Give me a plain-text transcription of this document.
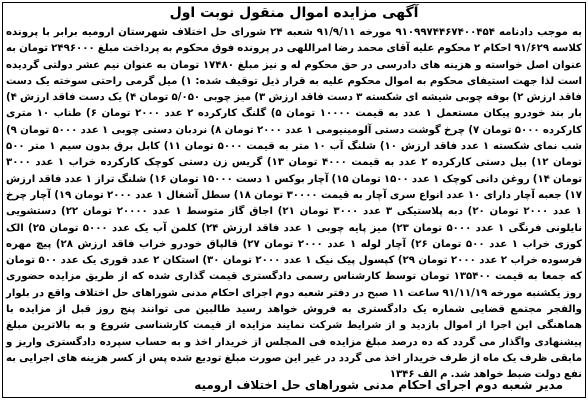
آگهی مزایده اموال منقول نوبت اول
به موجب دادنامه ۹۱۰۹۹۷۴۴۶۷۴۰۰۴۵۴ مورخه ۹۱/۹/۱۱ شعبه ۲۴ شورای حل اختلاف شهرستان ارومیه برابر با پرونده کلاسه ۹۱/۶۲۹ احکام ۲ محکوم علیه آقای محمد رضا امراللهی در پرونده فوق محکوم به پرداخت مبلغ ۲۴۹۶۰۰۰ تومان به عنوان اصل خواسته و هزینه های دادرسی در حق محکوم له و نیز مبلغ ۱۷۴۸۰ تومان به عنوان نیم عشر دولتی گردیده است لذا جهت استیفای محکوم به اموال محکوم علیه به قرار ذیل توقیف شده: ۱) میل گرمی راحتی سوخته یک دست فاقد ارزش ۲) بوفه چوبی شیشه ای شکسته ۳ دست فاقد ارزش ۳) میز چوبی ۵/۰۵۰ تومان ۴) یک دست فاقد ارزش ۴) بار بند خودرو پیکان مستعمل ۱ عدد به قیمت ۱۰۰۰۰ تومان ۵) گلنگ کارکرده ۲ عدد ۲۰۰۰ تومان ۶) طناب ۱۰ متری کارکرده ۵۰۰۰ تومان ۷) چرخ گوشت دستی آلومینیومی ۱ عدد ۲۰۰۰ تومان ۸) نردبان دستی چوبی ۱ عدد ۵۰۰۰ تومان ۹) شب نمای شکسته ۱ عدد فاقد ارزش ۱۰) شلنگ آب ۱۰ متر به قیمت ۵۰۰۰ تومان ۱۱) کابل برق بدون سیم ۱ متر ۵۰۰ تومان ۱۲) بیل دستی کارکرده ۲ عدد به قیمت ۴۰۰۰ تومان ۱۳) گریس زن دستی کوچک کارکرده خراب ۱ عدد ۳۰۰۰ تومان ۱۴) روغن دانی کوچک ۱ عدد ۱۵۰۰ تومان ۱۵) آچار بوکس ۱ دست ۱۵۰۰۰ تومان ۱۶) شلنگ تراز ۱ عدد فاقد ارزش ۱۷) جعبه آچار دارای ۱۰ عدد انواع سری آچار به قیمت ۳۰۰۰۰ تومان ۱۸) سطل آشغال ۱ عدد ۲۰۰۰ تومان ۱۹) آچار چرخ ۱ عدد ۲۰۰۰ تومان ۲۰) دبه پلاستیکی ۳ عدد ۳۰۰۰ تومان ۲۱) اجاق گاز متوسط ۱ عدد ۲۰۰۰۰ تومان ۲۲) دستشویی نایلونی فرنگی ۱ عدد ۵۰۰۰ تومان ۲۳) میز پایه چوبی ۱ عدد فاقد ارزش ۲۴) کلمن آب یک عدد ۵۰۰۰ تومان ۲۵) الک کوزی خراب ۱ عدد ۵۰۰ تومان ۲۶) آچار لوله ۱ عدد ۲۰۰۰ تومان ۲۷) قالپاق خودرو خراب فاقد ارزش ۲۸) پیچ مهره فرسوده خراب ۲ عدد ۲۰۰۰ تومان ۲۹) کپسول پیک نیک ۱ عدد ۲۰۰۰ تومان ۳۰) استکان ۲ عدد قوری یک عدد ۵۰۰ تومان که جمعا به قیمت ۱۳۵۴۰۰ تومان توسط کارشناس رسمی دادگستری قیمت گذاری شده که از طریق مزایده حضوری روز یکشنبه مورخه ۹۱/۱۱/۱۹ ساعت ۱۱ صبح در دفتر شعبه دوم اجرای احکام مدنی شوراهای حل اختلاف واقع در بلوار والفجر مجتمع قضایی شماره یک دادگستری به فروش خواهد رسید طالبین می توانند پنج روز قبل از مزایده با هماهنگی این اجرا از اموال بازدید و از شرایط شرکت نمایند مزایده از قیمت کارشناسی شروع و به بالاترین مبلغ پیشنهادی واگذار می گردد که ده درصد مبلغ مزایده فی المجلس از خریدار اخذ و به حساب سپرده دادگستری واریز و مابقی ظرف یک ماه از طرف خریدار اخذ می گردد در غیر این صورت مبلغ تودیع شده پس از کسر هزینه های اجرایی به نفع دولت ضبط خواهد شد. م الف ۱۳۴۶
مدیر شعبه دوم اجرای احکام مدنی شوراهای حل اختلاف ارومیه
